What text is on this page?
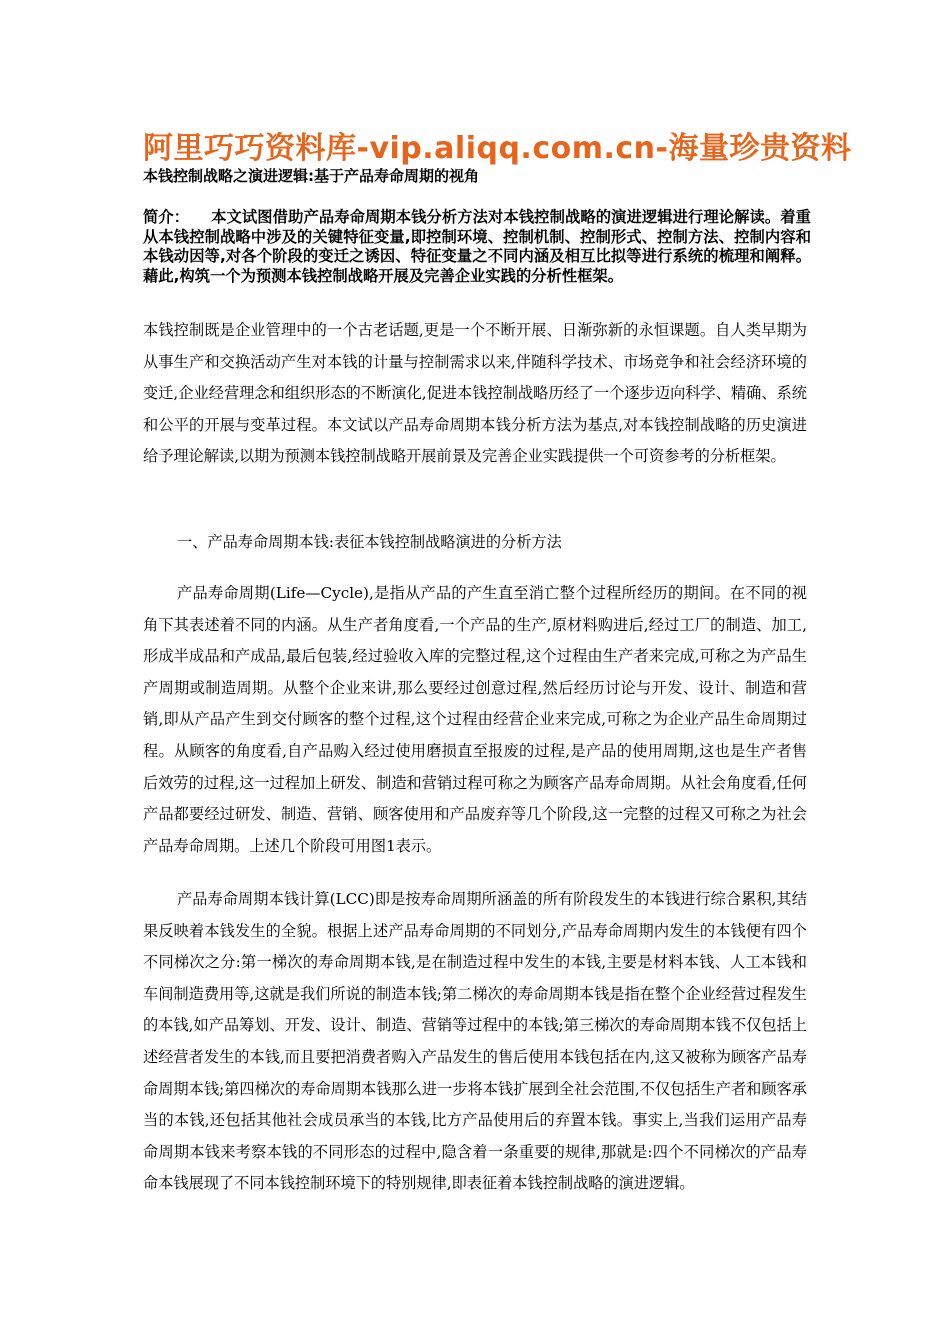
阿里巧巧资料库-vip.aliqq.com.cn-海量珍贵资料
本钱控制战略之演进逻辑:基于产品寿命周期的视角
简介： 本文试图借助产品寿命周期本钱分析方法对本钱控制战略的演进逻辑进行理论解读。着重从本钱控制战略中涉及的关键特征变量,即控制环境、控制机制、控制形式、控制方法、控制内容和本钱动因等,对各个阶段的变迁之诱因、特征变量之不同内涵及相互比拟等进行系统的梳理和阐释。藉此,构筑一个为预测本钱控制战略开展及完善企业实践的分析性框架。
本钱控制既是企业管理中的一个古老话题,更是一个不断开展、日渐弥新的永恒课题。自人类早期为从事生产和交换活动产生对本钱的计量与控制需求以来,伴随科学技术、市场竞争和社会经济环境的变迁,企业经营理念和组织形态的不断演化,促进本钱控制战略历经了一个逐步迈向科学、精确、系统和公平的开展与变革过程。本文试以产品寿命周期本钱分析方法为基点,对本钱控制战略的历史演进给予理论解读,以期为预测本钱控制战略开展前景及完善企业实践提供一个可资参考的分析框架。
一、产品寿命周期本钱:表征本钱控制战略演进的分析方法
产品寿命周期(Life—Cycle),是指从产品的产生直至消亡整个过程所经历的期间。在不同的视角下其表述着不同的内涵。从生产者角度看,一个产品的生产,原材料购进后,经过工厂的制造、加工,形成半成品和产成品,最后包装,经过验收入库的完整过程,这个过程由生产者来完成,可称之为产品生产周期或制造周期。从整个企业来讲,那么要经过创意过程,然后经历讨论与开发、设计、制造和营销,即从产品产生到交付顾客的整个过程,这个过程由经营企业来完成,可称之为企业产品生命周期过程。从顾客的角度看,自产品购入经过使用磨损直至报废的过程,是产品的使用周期,这也是生产者售后效劳的过程,这一过程加上研发、制造和营销过程可称之为顾客产品寿命周期。从社会角度看,任何产品都要经过研发、制造、营销、顾客使用和产品废弃等几个阶段,这一完整的过程又可称之为社会产品寿命周期。上述几个阶段可用图1表示。
产品寿命周期本钱计算(LCC)即是按寿命周期所涵盖的所有阶段发生的本钱进行综合累积,其结果反映着本钱发生的全貌。根据上述产品寿命周期的不同划分,产品寿命周期内发生的本钱便有四个不同梯次之分:第一梯次的寿命周期本钱,是在制造过程中发生的本钱,主要是材料本钱、人工本钱和车间制造费用等,这就是我们所说的制造本钱;第二梯次的寿命周期本钱是指在整个企业经营过程发生的本钱,如产品筹划、开发、设计、制造、营销等过程中的本钱;第三梯次的寿命周期本钱不仅包括上述经营者发生的本钱,而且要把消费者购入产品发生的售后使用本钱包括在内,这又被称为顾客产品寿命周期本钱;第四梯次的寿命周期本钱那么进一步将本钱扩展到全社会范围,不仅包括生产者和顾客承当的本钱,还包括其他社会成员承当的本钱,比方产品使用后的弃置本钱。事实上,当我们运用产品寿命周期本钱来考察本钱的不同形态的过程中,隐含着一条重要的规律,那就是:四个不同梯次的产品寿命本钱展现了不同本钱控制环境下的特别规律,即表征着本钱控制战略的演进逻辑。
